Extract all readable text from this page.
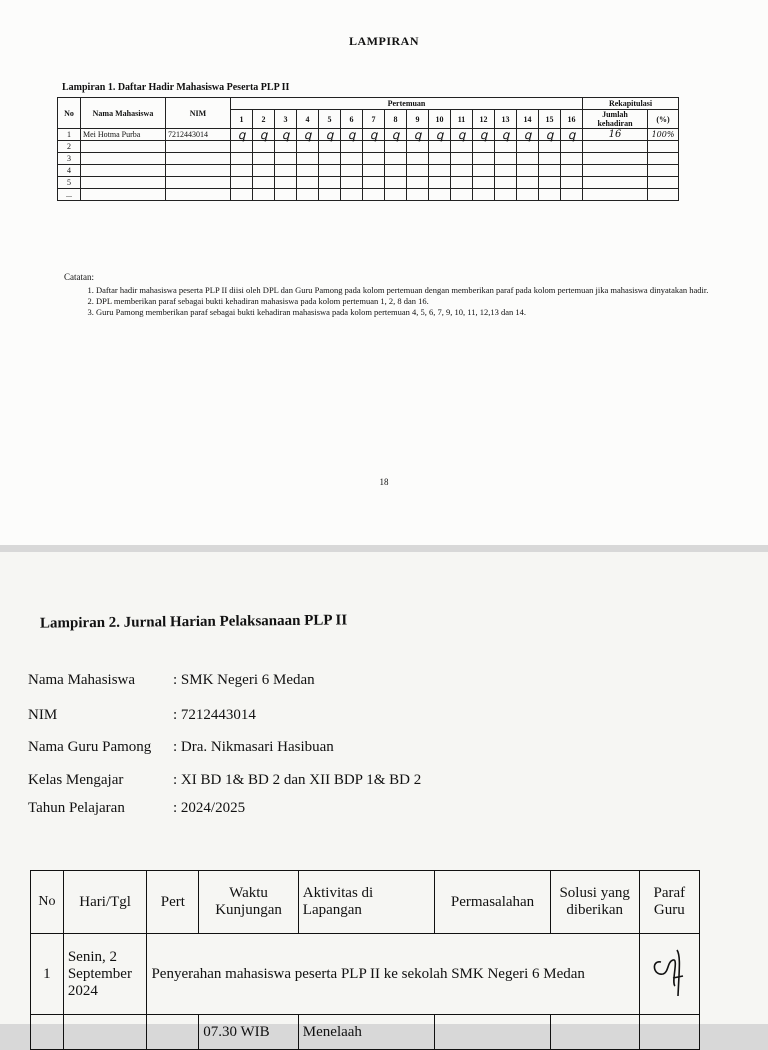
LAMPIRAN
Lampiran 1. Daftar Hadir Mahasiswa Peserta PLP II
No	Nama Mahasiswa	NIM	Pertemuan																Rekapitulasi	
			1	2	3	4	5	6	7	8	9	10	11	12	13	14	15	16	Jumlah kehadiran	(%)
1	Mei Hotma Purba	7212443014	ꝗ	ꝗ	ꝗ	ꝗ	ꝗ	ꝗ	ꝗ	ꝗ	ꝗ	ꝗ	ꝗ	ꝗ	ꝗ	ꝗ	ꝗ	ꝗ	16	100%
2																				
3																				
4																				
5																				
...																				
Catatan:
1. Daftar hadir mahasiswa peserta PLP II diisi oleh DPL dan Guru Pamong pada kolom pertemuan dengan memberikan paraf pada kolom pertemuan jika mahasiswa dinyatakan hadir.
2. DPL memberikan paraf sebagai bukti kehadiran mahasiswa pada kolom pertemuan 1, 2, 8 dan 16.
3. Guru Pamong memberikan paraf sebagai bukti kehadiran mahasiswa pada kolom pertemuan 4, 5, 6, 7, 9, 10, 11, 12,13 dan 14.
18
Lampiran 2. Jurnal Harian Pelaksanaan PLP II
Nama Mahasiswa	: SMK Negeri 6 Medan
NIM	: 7212443014
Nama Guru Pamong : Dra. Nikmasari Hasibuan
Kelas Mengajar	: XI BD 1& BD 2 dan XII BDP 1& BD 2
Tahun Pelajaran	: 2024/2025
No	Hari/Tgl	Pert	Waktu Kunjungan	Aktivitas di Lapangan	Permasalahan	Solusi yang diberikan	Paraf Guru
1	Senin, 2 September 2024	Penyerahan mahasiswa peserta PLP II ke sekolah SMK Negeri 6 Medan	
			07.30 WIB	Menelaah			
